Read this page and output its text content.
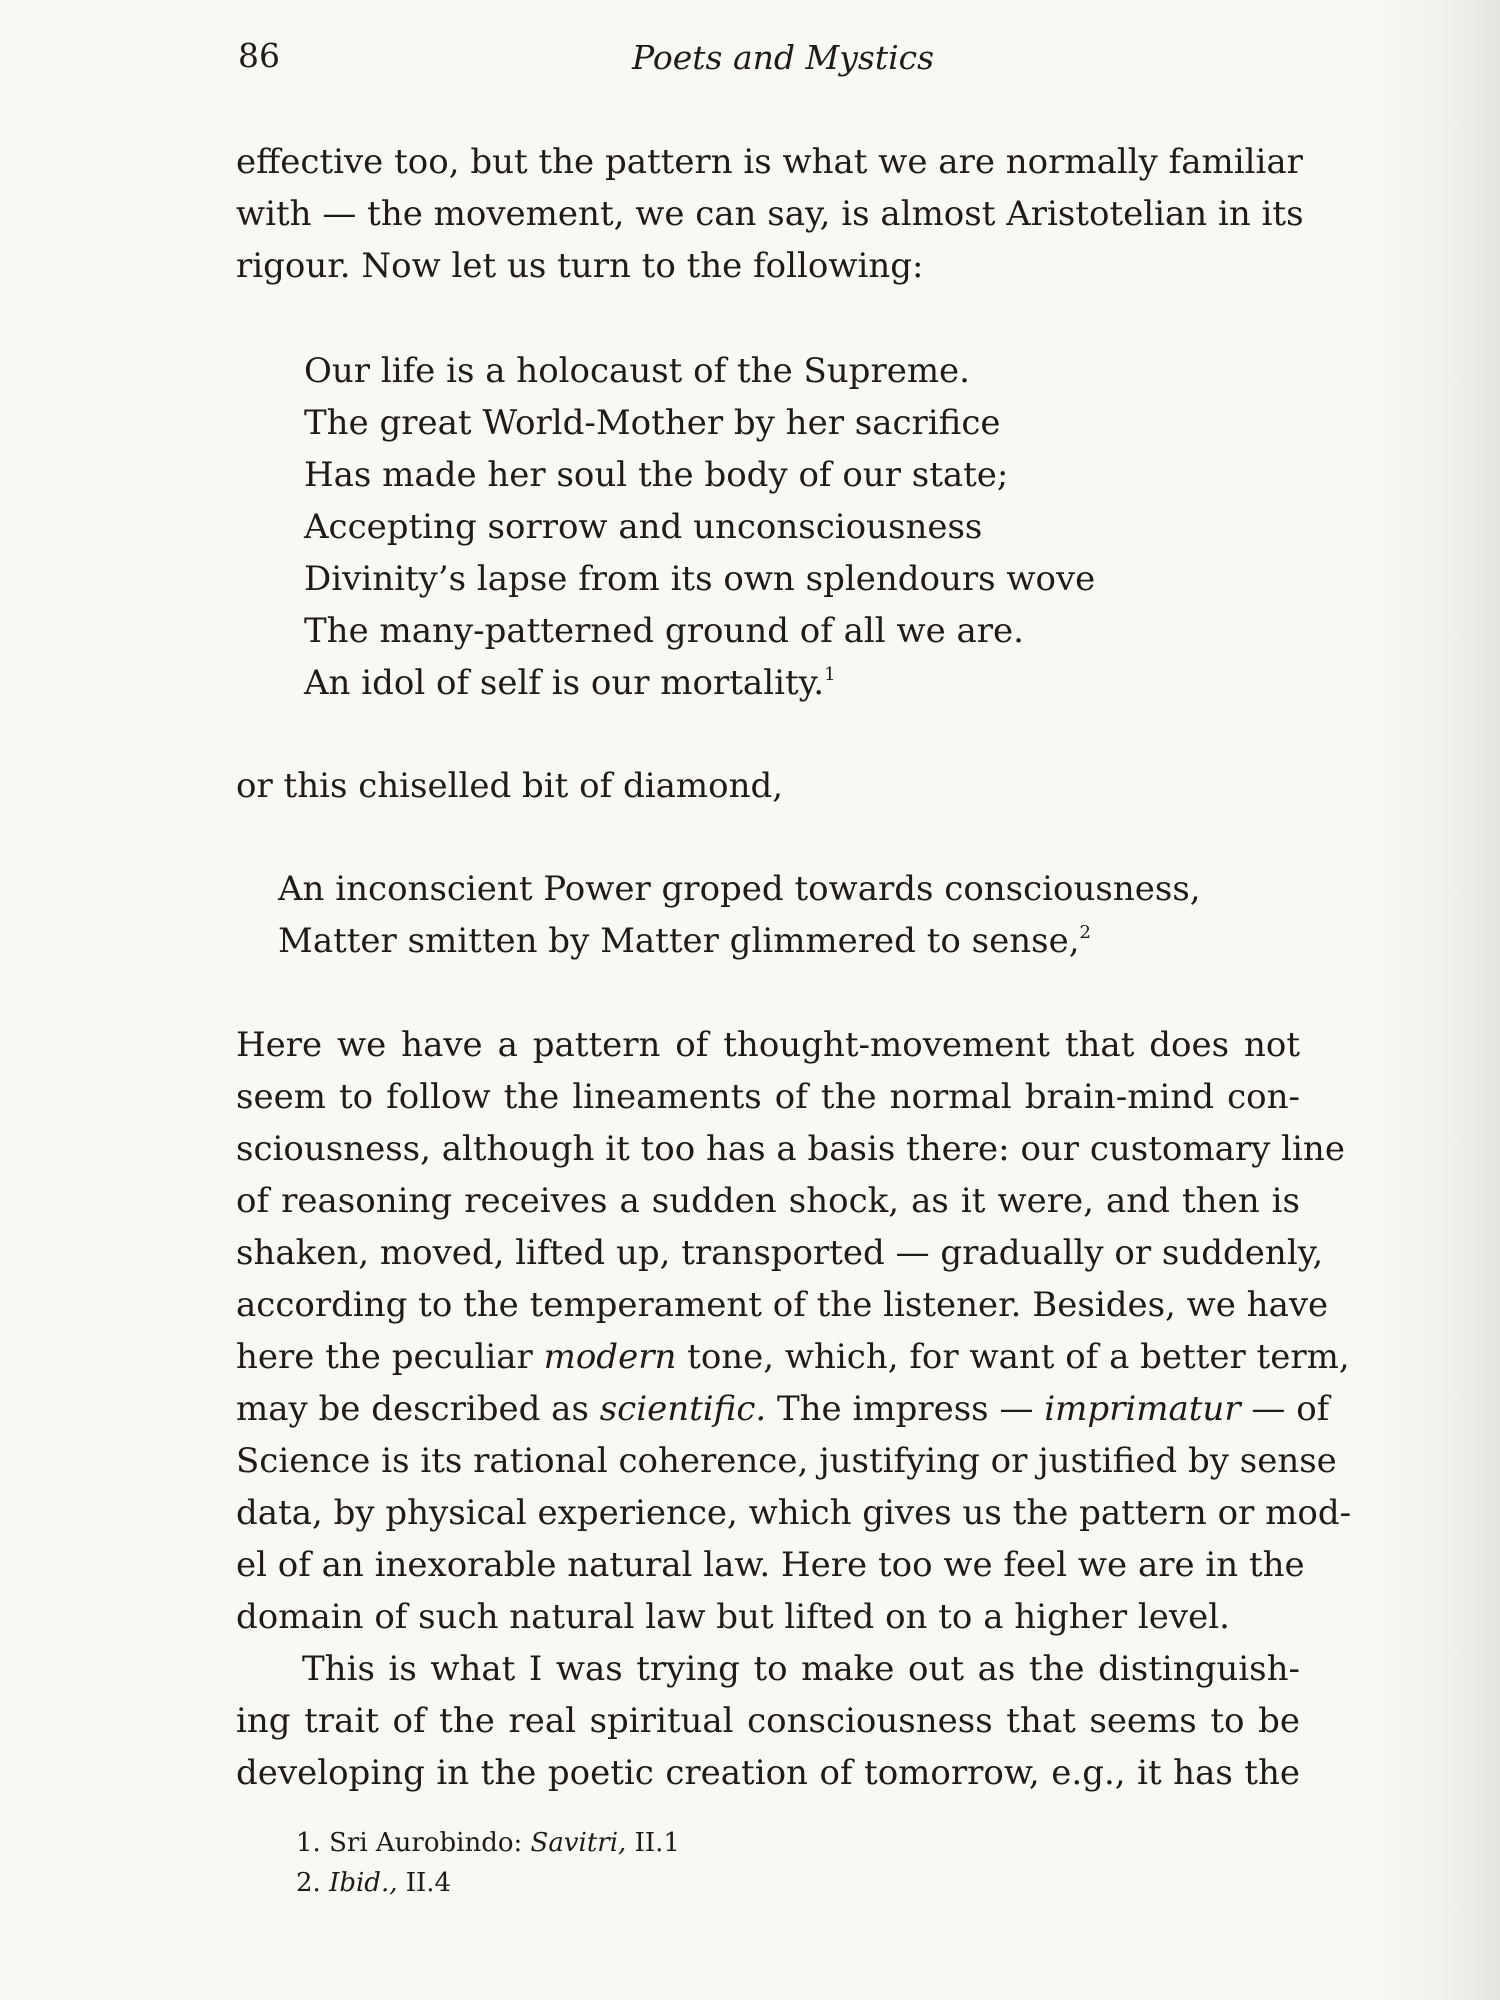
86	Poets and Mystics
effective too, but the pattern is what we are normally familiar
with — the movement, we can say, is almost Aristotelian in its
rigour. Now let us turn to the following:
Our life is a holocaust of the Supreme.
The great World-Mother by her sacrifice
Has made her soul the body of our state;
Accepting sorrow and unconsciousness
Divinity’s lapse from its own splendours wove
The many-patterned ground of all we are.
An idol of self is our mortality.$^1$
or this chiselled bit of diamond,
An inconscient Power groped towards consciousness,
Matter smitten by Matter glimmered to sense,$^2$
Here we have a pattern of thought-movement that does not
seem to follow the lineaments of the normal brain-mind con-
sciousness, although it too has a basis there: our customary line
of reasoning receives a sudden shock, as it were, and then is
shaken, moved, lifted up, transported — gradually or suddenly,
according to the temperament of the listener. Besides, we have
here the peculiar modern tone, which, for want of a better term,
may be described as scientific. The impress — imprimatur — of
Science is its rational coherence, justifying or justified by sense
data, by physical experience, which gives us the pattern or mod-
el of an inexorable natural law. Here too we feel we are in the
domain of such natural law but lifted on to a higher level.
This is what I was trying to make out as the distinguish-
ing trait of the real spiritual consciousness that seems to be
developing in the poetic creation of tomorrow, e.g., it has the
1. Sri Aurobindo: Savitri, II.1
2. Ibid., II.4
